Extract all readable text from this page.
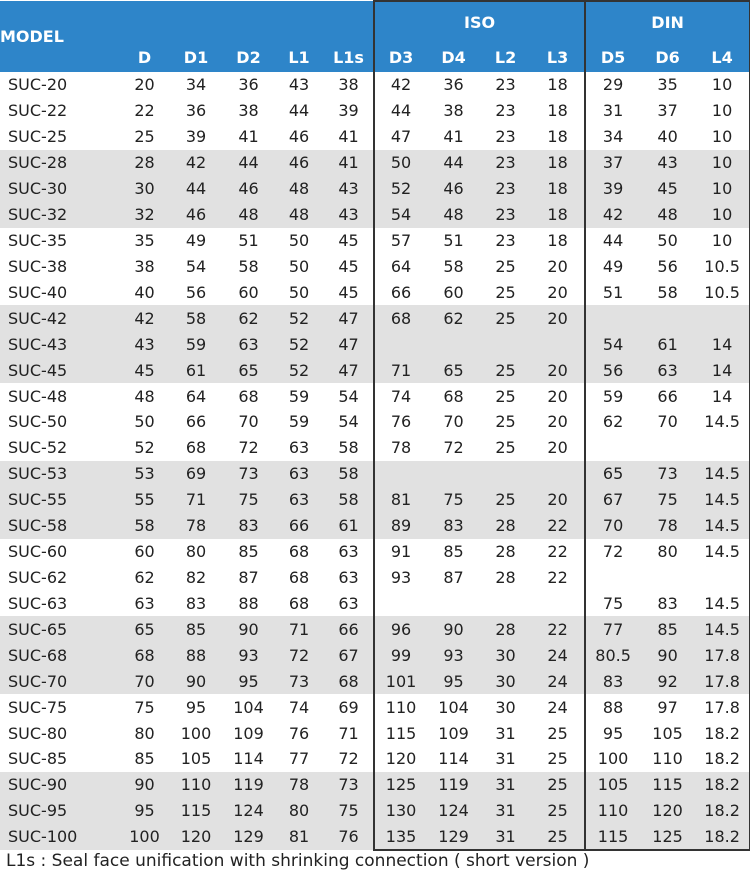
MODEL						ISO				DIN		
	D	D1	D2	L1	L1s	D3	D4	L2	L3	D5	D6	L4
SUC-20	20	34	36	43	38	42	36	23	18	29	35	10
SUC-22	22	36	38	44	39	44	38	23	18	31	37	10
SUC-25	25	39	41	46	41	47	41	23	18	34	40	10
SUC-28	28	42	44	46	41	50	44	23	18	37	43	10
SUC-30	30	44	46	48	43	52	46	23	18	39	45	10
SUC-32	32	46	48	48	43	54	48	23	18	42	48	10
SUC-35	35	49	51	50	45	57	51	23	18	44	50	10
SUC-38	38	54	58	50	45	64	58	25	20	49	56	10.5
SUC-40	40	56	60	50	45	66	60	25	20	51	58	10.5
SUC-42	42	58	62	52	47	68	62	25	20			
SUC-43	43	59	63	52	47					54	61	14
SUC-45	45	61	65	52	47	71	65	25	20	56	63	14
SUC-48	48	64	68	59	54	74	68	25	20	59	66	14
SUC-50	50	66	70	59	54	76	70	25	20	62	70	14.5
SUC-52	52	68	72	63	58	78	72	25	20			
SUC-53	53	69	73	63	58					65	73	14.5
SUC-55	55	71	75	63	58	81	75	25	20	67	75	14.5
SUC-58	58	78	83	66	61	89	83	28	22	70	78	14.5
SUC-60	60	80	85	68	63	91	85	28	22	72	80	14.5
SUC-62	62	82	87	68	63	93	87	28	22			
SUC-63	63	83	88	68	63					75	83	14.5
SUC-65	65	85	90	71	66	96	90	28	22	77	85	14.5
SUC-68	68	88	93	72	67	99	93	30	24	80.5	90	17.8
SUC-70	70	90	95	73	68	101	95	30	24	83	92	17.8
SUC-75	75	95	104	74	69	110	104	30	24	88	97	17.8
SUC-80	80	100	109	76	71	115	109	31	25	95	105	18.2
SUC-85	85	105	114	77	72	120	114	31	25	100	110	18.2
SUC-90	90	110	119	78	73	125	119	31	25	105	115	18.2
SUC-95	95	115	124	80	75	130	124	31	25	110	120	18.2
SUC-100	100	120	129	81	76	135	129	31	25	115	125	18.2
L1s : Seal face unification with shrinking connection ( short version )
